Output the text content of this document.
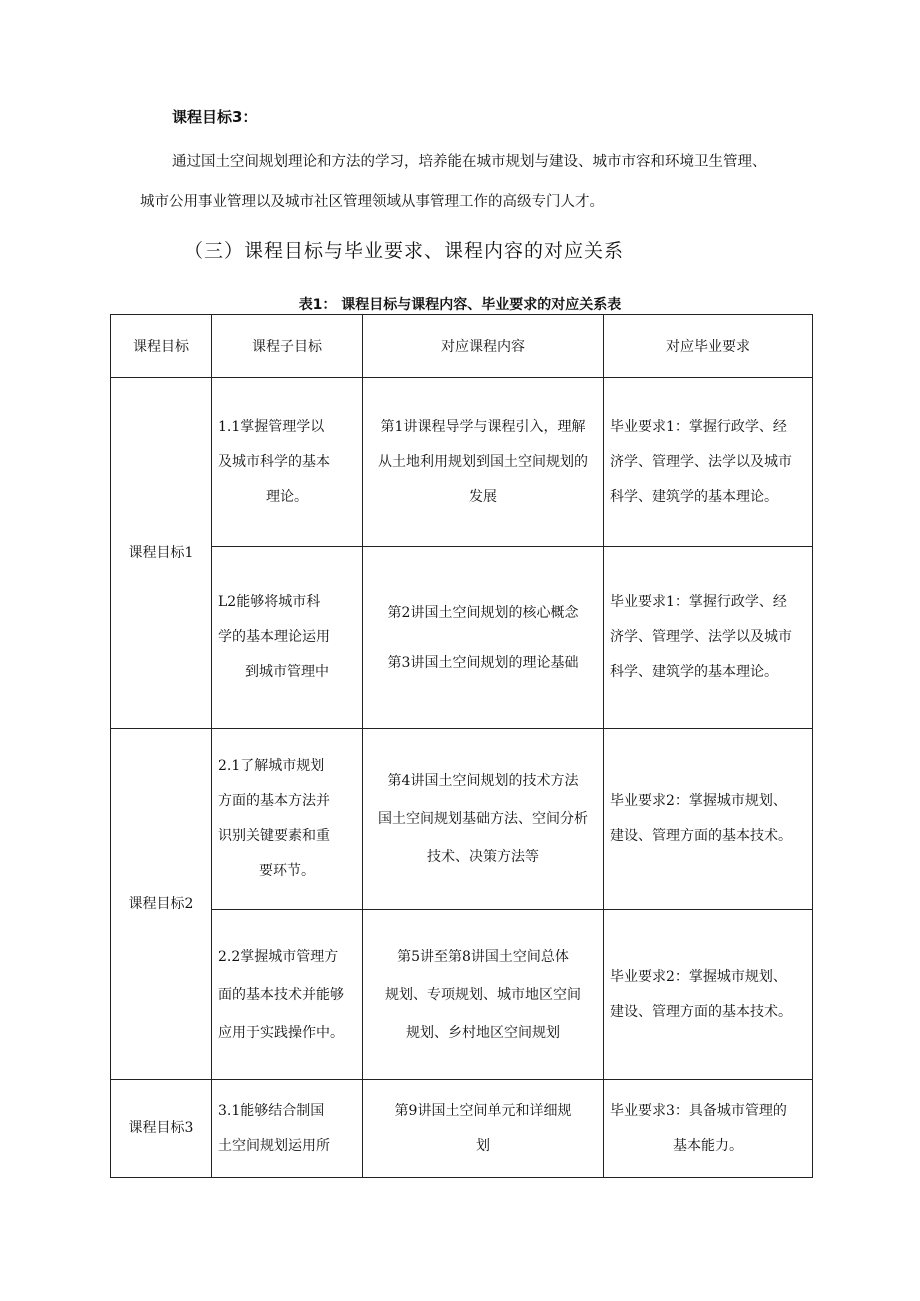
课程目标3：
通过国土空间规划理论和方法的学习，培养能在城市规划与建设、城市市容和环境卫生管理、
城市公用事业管理以及城市社区管理领域从事管理工作的高级专门人才。
（三）课程目标与毕业要求、课程内容的对应关系
表1： 课程目标与课程内容、毕业要求的对应关系表
课程目标	课程子目标	对应课程内容	对应毕业要求
课程目标1	1.1掌握管理学以
及城市科学的基本
理论。	第1讲课程导学与课程引入，理解
从土地利用规划到国土空间规划的
发展	毕业要求1：掌握行政学、经
济学、管理学、法学以及城市
科学、建筑学的基本理论。

	L2能够将城市科
学的基本理论运用
到城市管理中	第2讲国土空间规划的核心概念
第3讲国土空间规划的理论基础	毕业要求1：掌握行政学、经
济学、管理学、法学以及城市
科学、建筑学的基本理论。

课程目标2	2.1了解城市规划
方面的基本方法并
识别关键要素和重
要环节。	第4讲国土空间规划的技术方法
国土空间规划基础方法、空间分析
技术、决策方法等	毕业要求2：掌握城市规划、
建设、管理方面的基本技术。

	2.2掌握城市管理方
面的基本技术并能够
应用于实践操作中。	第5讲至第8讲国土空间总体
规划、专项规划、城市地区空间
规划、乡村地区空间规划	毕业要求2：掌握城市规划、
建设、管理方面的基本技术。

课程目标3	3.1能够结合制国
土空间规划运用所	第9讲国土空间单元和详细规
划	毕业要求3：具备城市管理的
基本能力。
